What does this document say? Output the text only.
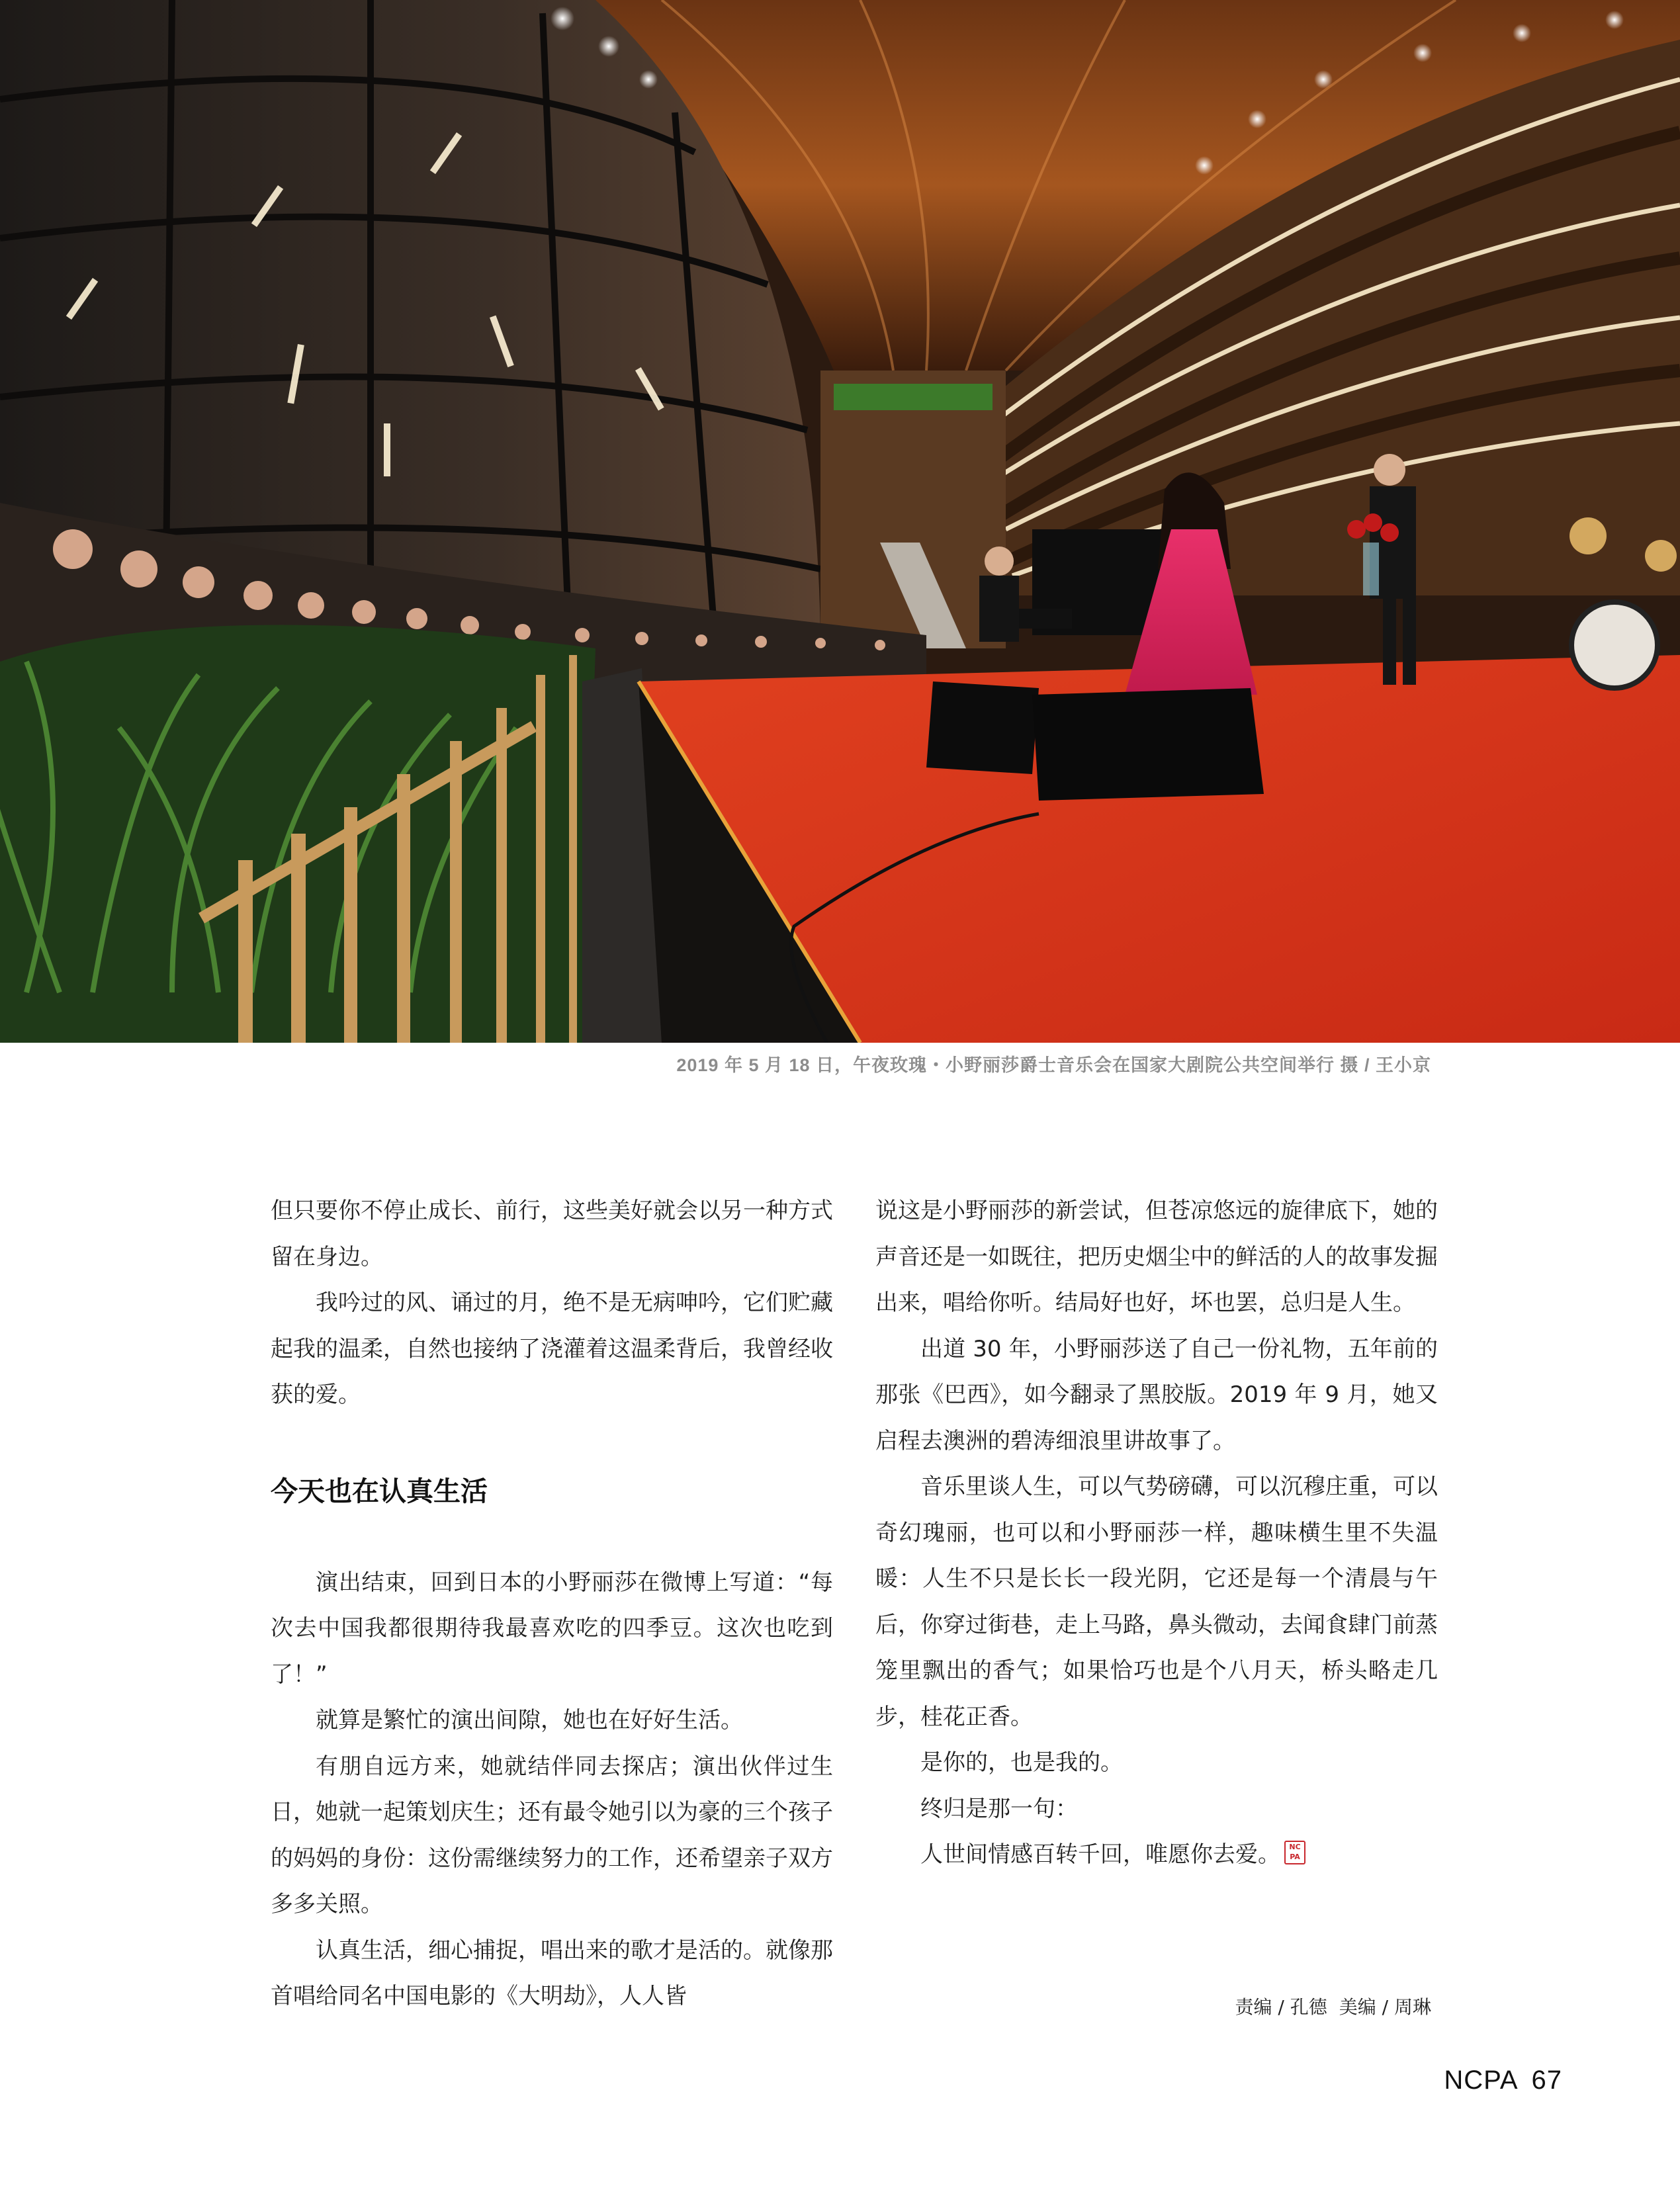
2019 年 5 月 18 日，午夜玫瑰・小野丽莎爵士音乐会在国家大剧院公共空间举行 摄 / 王小京

但只要你不停止成长、前行，这些美好就会以另一种方式留在身边。

我吟过的风、诵过的月，绝不是无病呻吟，它们贮藏起我的温柔，自然也接纳了浇灌着这温柔背后，我曾经收获的爱。

今天也在认真生活

演出结束，回到日本的小野丽莎在微博上写道：“每次去中国我都很期待我最喜欢吃的四季豆。这次也吃到了！”

就算是繁忙的演出间隙，她也在好好生活。

有朋自远方来，她就结伴同去探店；演出伙伴过生日，她就一起策划庆生；还有最令她引以为豪的三个孩子的妈妈的身份：这份需继续努力的工作，还希望亲子双方多多关照。

认真生活，细心捕捉，唱出来的歌才是活的。就像那首唱给同名中国电影的《大明劫》，人人皆

说这是小野丽莎的新尝试，但苍凉悠远的旋律底下，她的声音还是一如既往，把历史烟尘中的鲜活的人的故事发掘出来，唱给你听。结局好也好，坏也罢，总归是人生。

出道 30 年，小野丽莎送了自己一份礼物，五年前的那张《巴西》，如今翻录了黑胶版。2019 年 9 月，她又启程去澳洲的碧涛细浪里讲故事了。

音乐里谈人生，可以气势磅礴，可以沉穆庄重，可以奇幻瑰丽，也可以和小野丽莎一样，趣味横生里不失温暖：人生不只是长长一段光阴，它还是每一个清晨与午后，你穿过街巷，走上马路，鼻头微动，去闻食肆门前蒸笼里飘出的香气；如果恰巧也是个八月天，桥头略走几步，桂花正香。

是你的，也是我的。

终归是那一句：

人世间情感百转千回，唯愿你去爱。	NC
PA

责编 / 孔德 美编 / 周琳
NCPA 67
